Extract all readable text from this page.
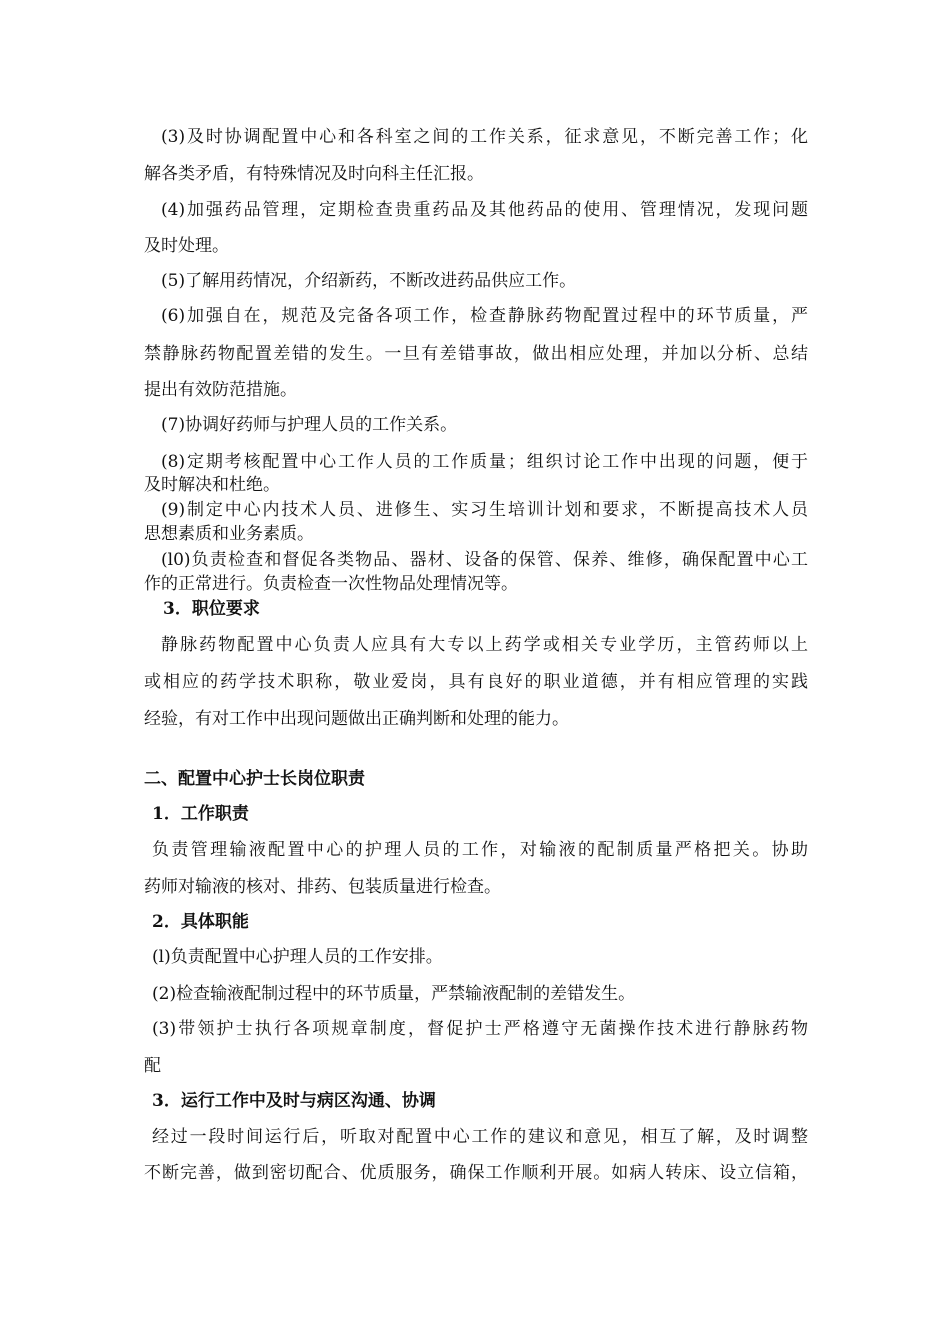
(3)及时协调配置中心和各科室之间的工作关系，征求意见，不断完善工作；化
解各类矛盾，有特殊情况及时向科主任汇报。
(4)加强药品管理，定期检查贵重药品及其他药品的使用、管理情况，发现问题
及时处理。
(5)了解用药情况，介绍新药，不断改进药品供应工作。
(6)加强自在，规范及完备各项工作，检查静脉药物配置过程中的环节质量，严
禁静脉药物配置差错的发生。一旦有差错事故，做出相应处理，并加以分析、总结
提出有效防范措施。
(7)协调好药师与护理人员的工作关系。
(8)定期考核配置中心工作人员的工作质量；组织讨论工作中出现的问题，便于
及时解决和杜绝。
(9)制定中心内技术人员、进修生、实习生培训计划和要求，不断提高技术人员
思想素质和业务素质。
(l0)负责检查和督促各类物品、器材、设备的保管、保养、维修，确保配置中心工
作的正常进行。负责检查一次性物品处理情况等。
3．职位要求
静脉药物配置中心负责人应具有大专以上药学或相关专业学历，主管药师以上
或相应的药学技术职称，敬业爱岗，具有良好的职业道德，并有相应管理的实践
经验，有对工作中出现问题做出正确判断和处理的能力。
二、配置中心护士长岗位职责
1．工作职责
负责管理输液配置中心的护理人员的工作，对输液的配制质量严格把关。协助
药师对输液的核对、排药、包装质量进行检查。
2．具体职能
(l)负责配置中心护理人员的工作安排。
(2)检查输液配制过程中的环节质量，严禁输液配制的差错发生。
(3)带领护士执行各项规章制度，督促护士严格遵守无菌操作技术进行静脉药物
配
3．运行工作中及时与病区沟通、协调
经过一段时间运行后，听取对配置中心工作的建议和意见，相互了解，及时调整
不断完善，做到密切配合、优质服务，确保工作顺利开展。如病人转床、设立信箱，
